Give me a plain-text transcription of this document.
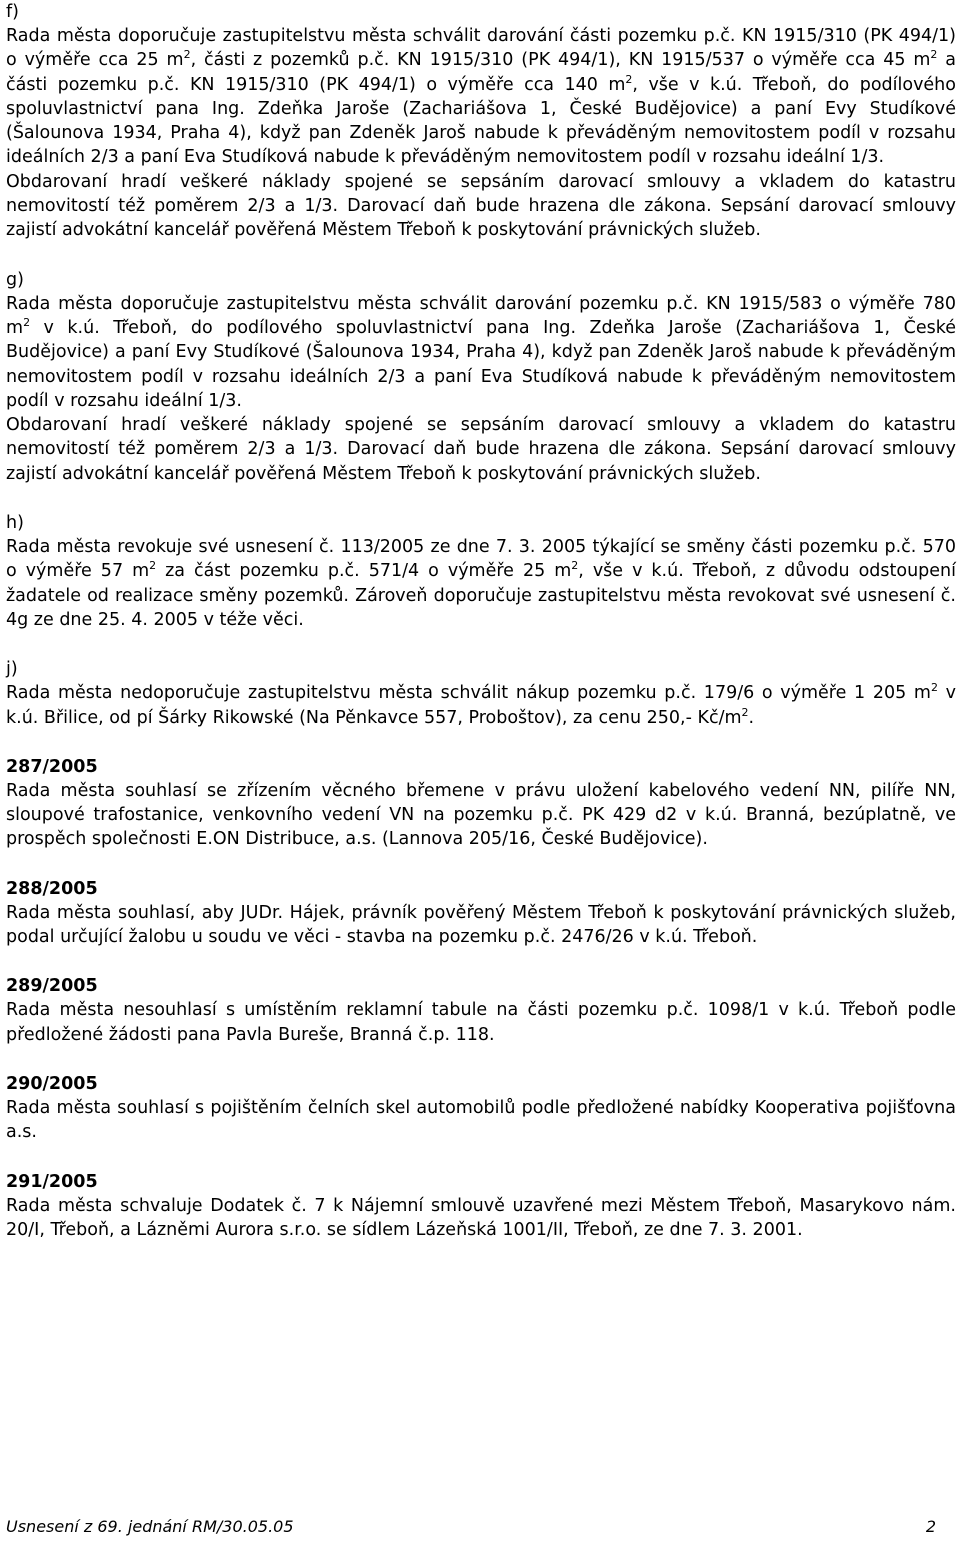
f)

Rada města doporučuje zastupitelstvu města schválit darování části pozemku p.č. KN 1915/310 (PK 494/1) o výměře cca 25 $m^2$, části z pozemků p.č. KN 1915/310 (PK 494/1), KN 1915/537 o výměře cca 45 $m^2$ a části pozemku p.č. KN 1915/310 (PK 494/1) o výměře cca 140 $m^2$, vše v k.ú. Třeboň, do podílového spoluvlastnictví pana Ing. Zdeňka Jaroše (Zachariášova 1, České Budějovice) a paní Evy Studíkové (Šalounova 1934, Praha 4), když pan Zdeněk Jaroš nabude k převáděným nemovitostem podíl v rozsahu ideálních 2/3 a paní Eva Studíková nabude k převáděným nemovitostem podíl v rozsahu ideální 1/3.

Obdarovaní hradí veškeré náklady spojené se sepsáním darovací smlouvy a vkladem do katastru nemovitostí též poměrem 2/3 a 1/3. Darovací daň bude hrazena dle zákona. Sepsání darovací smlouvy zajistí advokátní kancelář pověřená Městem Třeboň k poskytování právnických služeb.

g)

Rada města doporučuje zastupitelstvu města schválit darování pozemku p.č. KN 1915/583 o výměře 780 $m^2$ v k.ú. Třeboň, do podílového spoluvlastnictví pana Ing. Zdeňka Jaroše (Zachariášova 1, České Budějovice) a paní Evy Studíkové (Šalounova 1934, Praha 4), když pan Zdeněk Jaroš nabude k převáděným nemovitostem podíl v rozsahu ideálních 2/3 a paní Eva Studíková nabude k převáděným nemovitostem podíl v rozsahu ideální 1/3.

Obdarovaní hradí veškeré náklady spojené se sepsáním darovací smlouvy a vkladem do katastru nemovitostí též poměrem 2/3 a 1/3. Darovací daň bude hrazena dle zákona. Sepsání darovací smlouvy zajistí advokátní kancelář pověřená Městem Třeboň k poskytování právnických služeb.

h)

Rada města revokuje své usnesení č. 113/2005 ze dne 7. 3. 2005 týkající se směny části pozemku p.č. 570 o výměře 57 $m^2$ za část pozemku p.č. 571/4 o výměře 25 $m^2$, vše v k.ú. Třeboň, z důvodu odstoupení žadatele od realizace směny pozemků. Zároveň doporučuje zastupitelstvu města revokovat své usnesení č. 4g ze dne 25. 4. 2005 v téže věci.

j)

Rada města nedoporučuje zastupitelstvu města schválit nákup pozemku p.č. 179/6 o výměře 1 205 $m^2$ v k.ú. Břilice, od pí Šárky Rikowské (Na Pěnkavce 557, Proboštov), za cenu 250,- $Kč/m^2$.

287/2005

Rada města souhlasí se zřízením věcného břemene v právu uložení kabelového vedení NN, pilíře NN, sloupové trafostanice, venkovního vedení VN na pozemku p.č. PK 429 d2 v k.ú. Branná, bezúplatně, ve prospěch společnosti E.ON Distribuce, a.s. (Lannova 205/16, České Budějovice).

288/2005

Rada města souhlasí, aby JUDr. Hájek, právník pověřený Městem Třeboň k poskytování právnických služeb, podal určující žalobu u soudu ve věci - stavba na pozemku p.č. 2476/26 v k.ú. Třeboň.

289/2005

Rada města nesouhlasí s umístěním reklamní tabule na části pozemku p.č. 1098/1 v k.ú. Třeboň podle předložené žádosti pana Pavla Bureše, Branná č.p. 118.

290/2005

Rada města souhlasí s pojištěním čelních skel automobilů podle předložené nabídky Kooperativa pojišťovna a.s.

291/2005

Rada města schvaluje Dodatek č. 7 k Nájemní smlouvě uzavřené mezi Městem Třeboň, Masarykovo nám. 20/I, Třeboň, a Lázněmi Aurora s.r.o. se sídlem Lázeňská 1001/II, Třeboň, ze dne 7. 3. 2001.

Usnesení z 69. jednání RM/30.05.05	2
